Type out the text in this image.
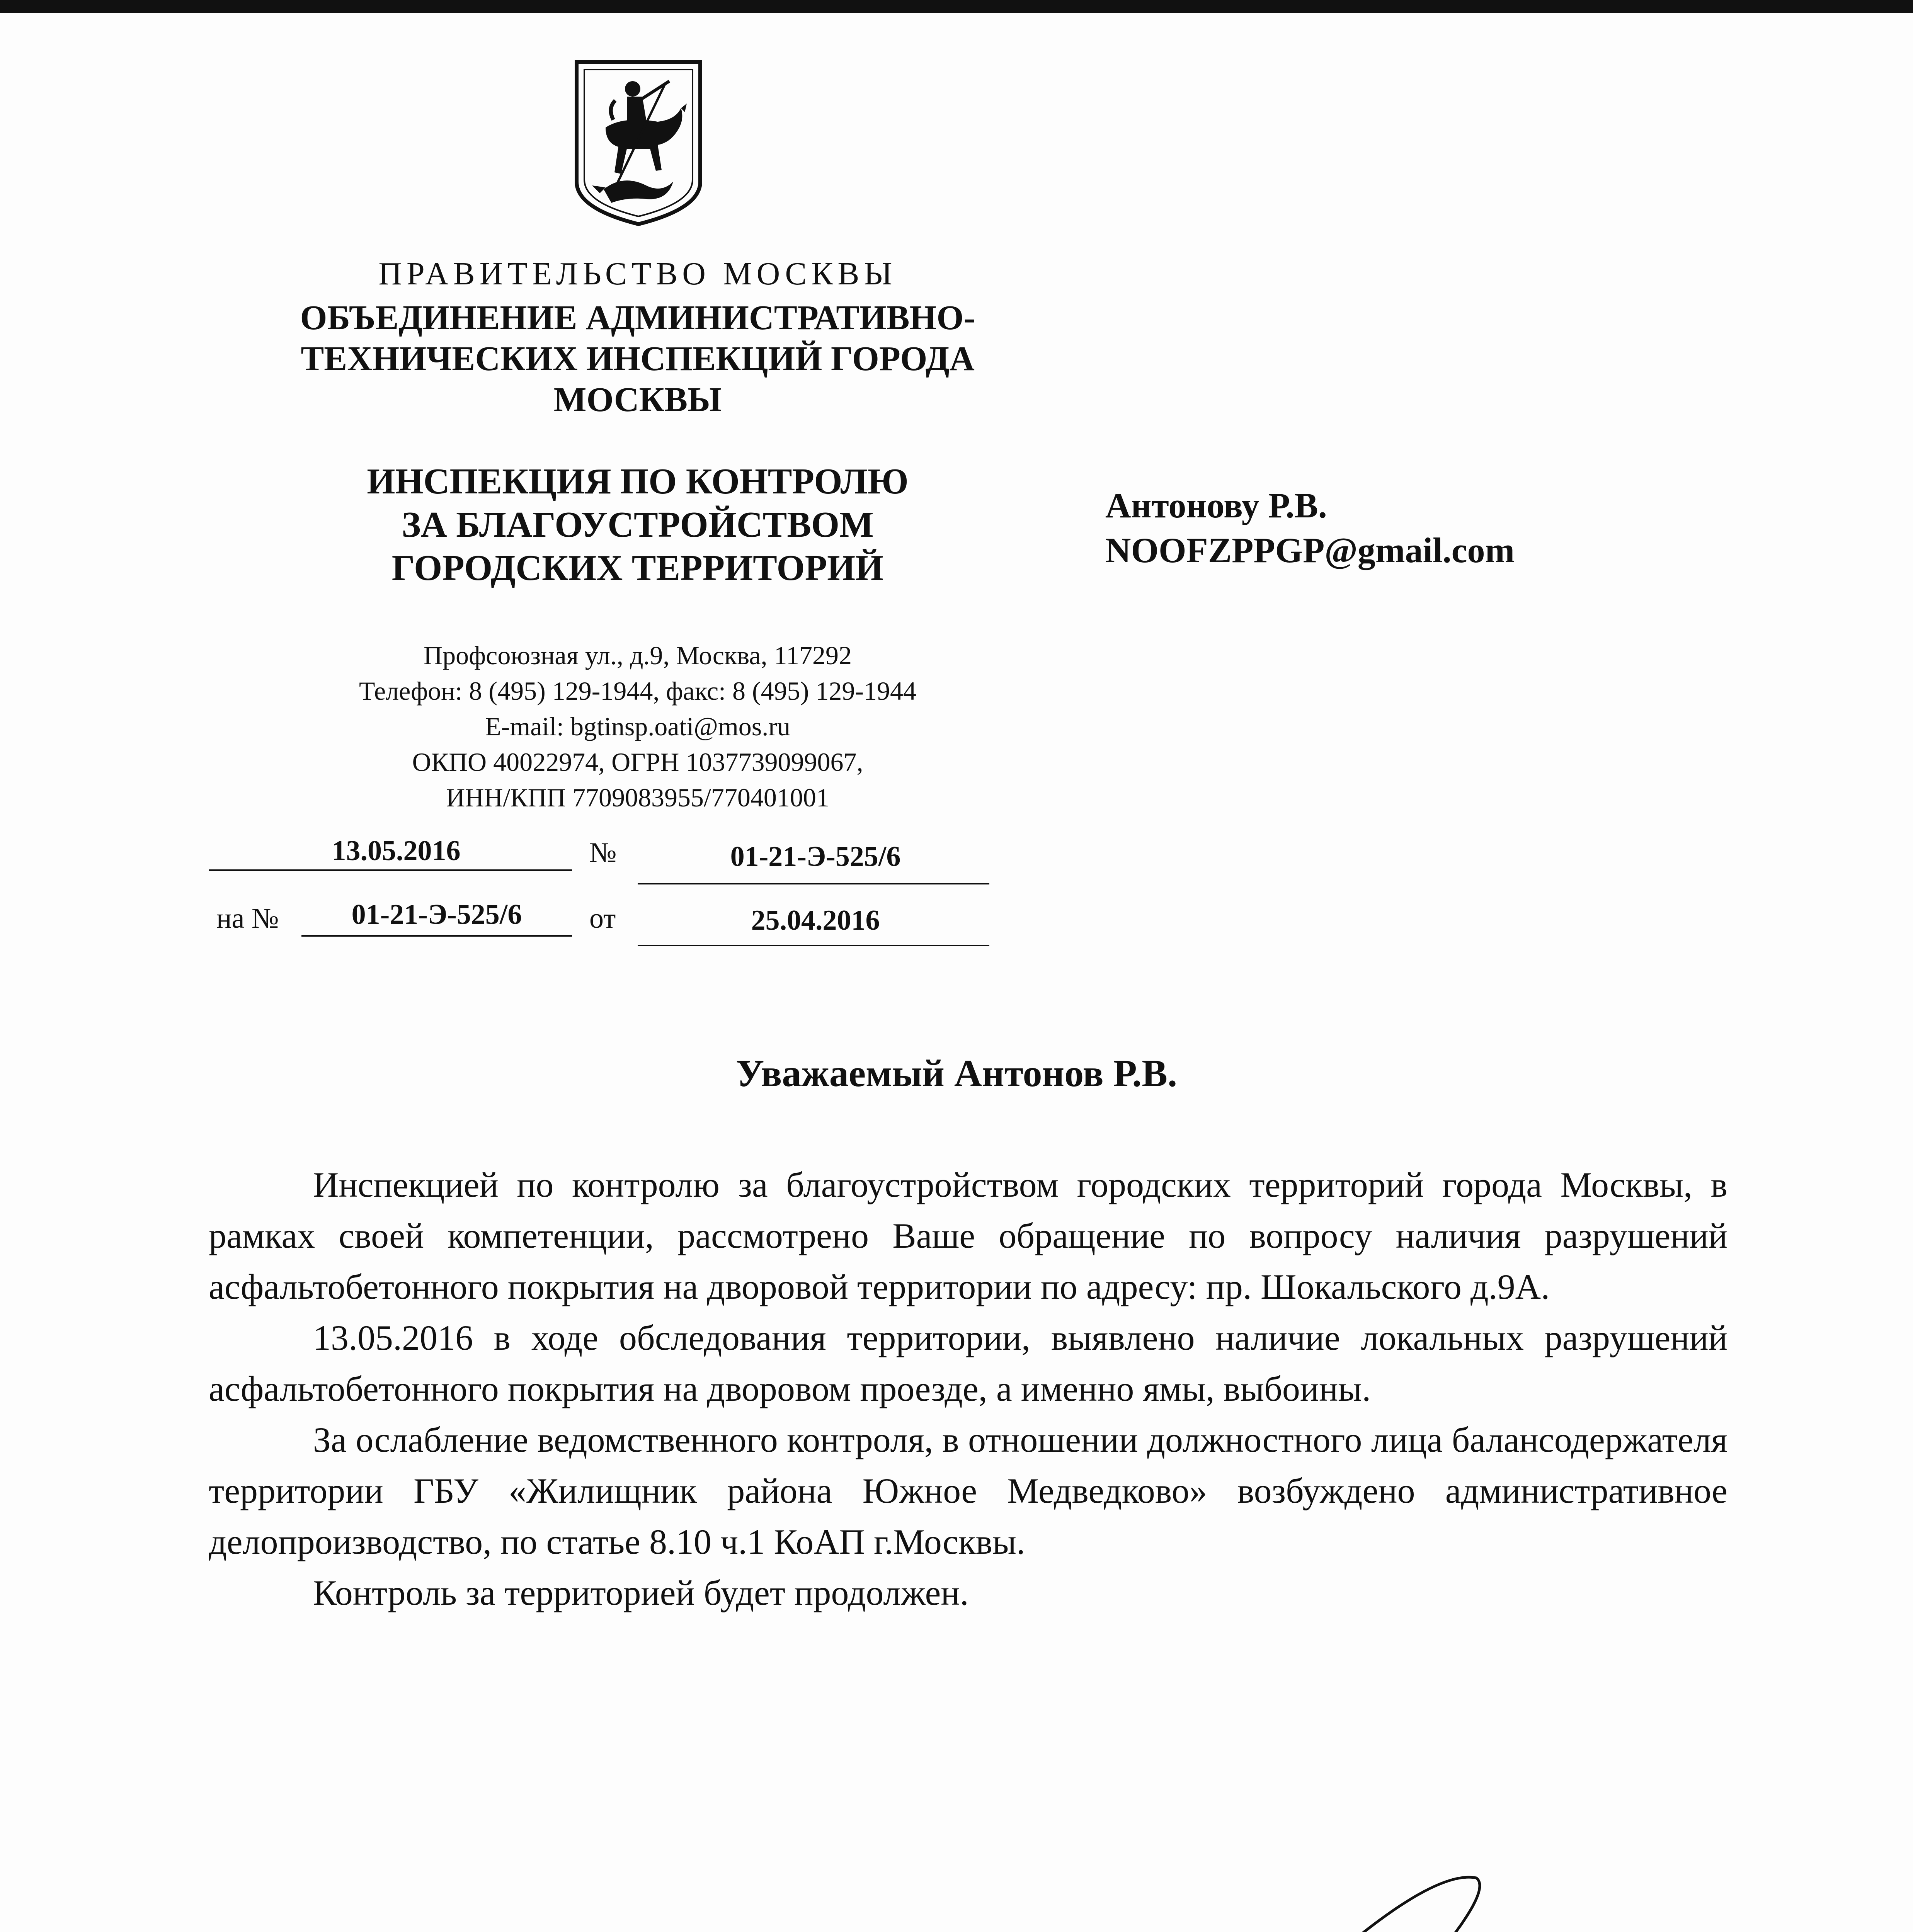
ПРАВИТЕЛЬСТВО МОСКВЫ
ОБЪЕДИНЕНИЕ АДМИНИСТРАТИВНО-
ТЕХНИЧЕСКИХ ИНСПЕКЦИЙ ГОРОДА
МОСКВЫ
ИНСПЕКЦИЯ ПО КОНТРОЛЮ
ЗА БЛАГОУСТРОЙСТВОМ
ГОРОДСКИХ ТЕРРИТОРИЙ
Профсоюзная ул., д.9, Москва, 117292
Телефон: 8 (495) 129-1944, факс: 8 (495) 129-1944
E-mail: bgtinsp.oati@mos.ru
ОКПО 40022974, ОГРН 1037739099067,
ИНН/КПП 7709083955/770401001
13.05.2016	№	01-21-Э-525/6
на №	01-21-Э-525/6	от	25.04.2016
Антонову Р.В.
NOOFZPPGP@gmail.com
Уважаемый Антонов Р.В.

Инспекцией по контролю за благоустройством городских территорий города Москвы, в рамках своей компетенции, рассмотрено Ваше обращение по вопросу наличия разрушений асфальтобетонного покрытия на дворовой территории по адресу: пр. Шокальского д.9А.

13.05.2016 в ходе обследования территории, выявлено наличие локальных разрушений асфальтобетонного покрытия на дворовом проезде, а именно ямы, выбоины.

За ослабление ведомственного контроля, в отношении должностного лица балансодержателя территории ГБУ «Жилищник района Южное Медведково» возбуждено административное делопроизводство, по статье 8.10 ч.1 КоАП г.Москвы.

Контроль за территорией будет продолжен.
